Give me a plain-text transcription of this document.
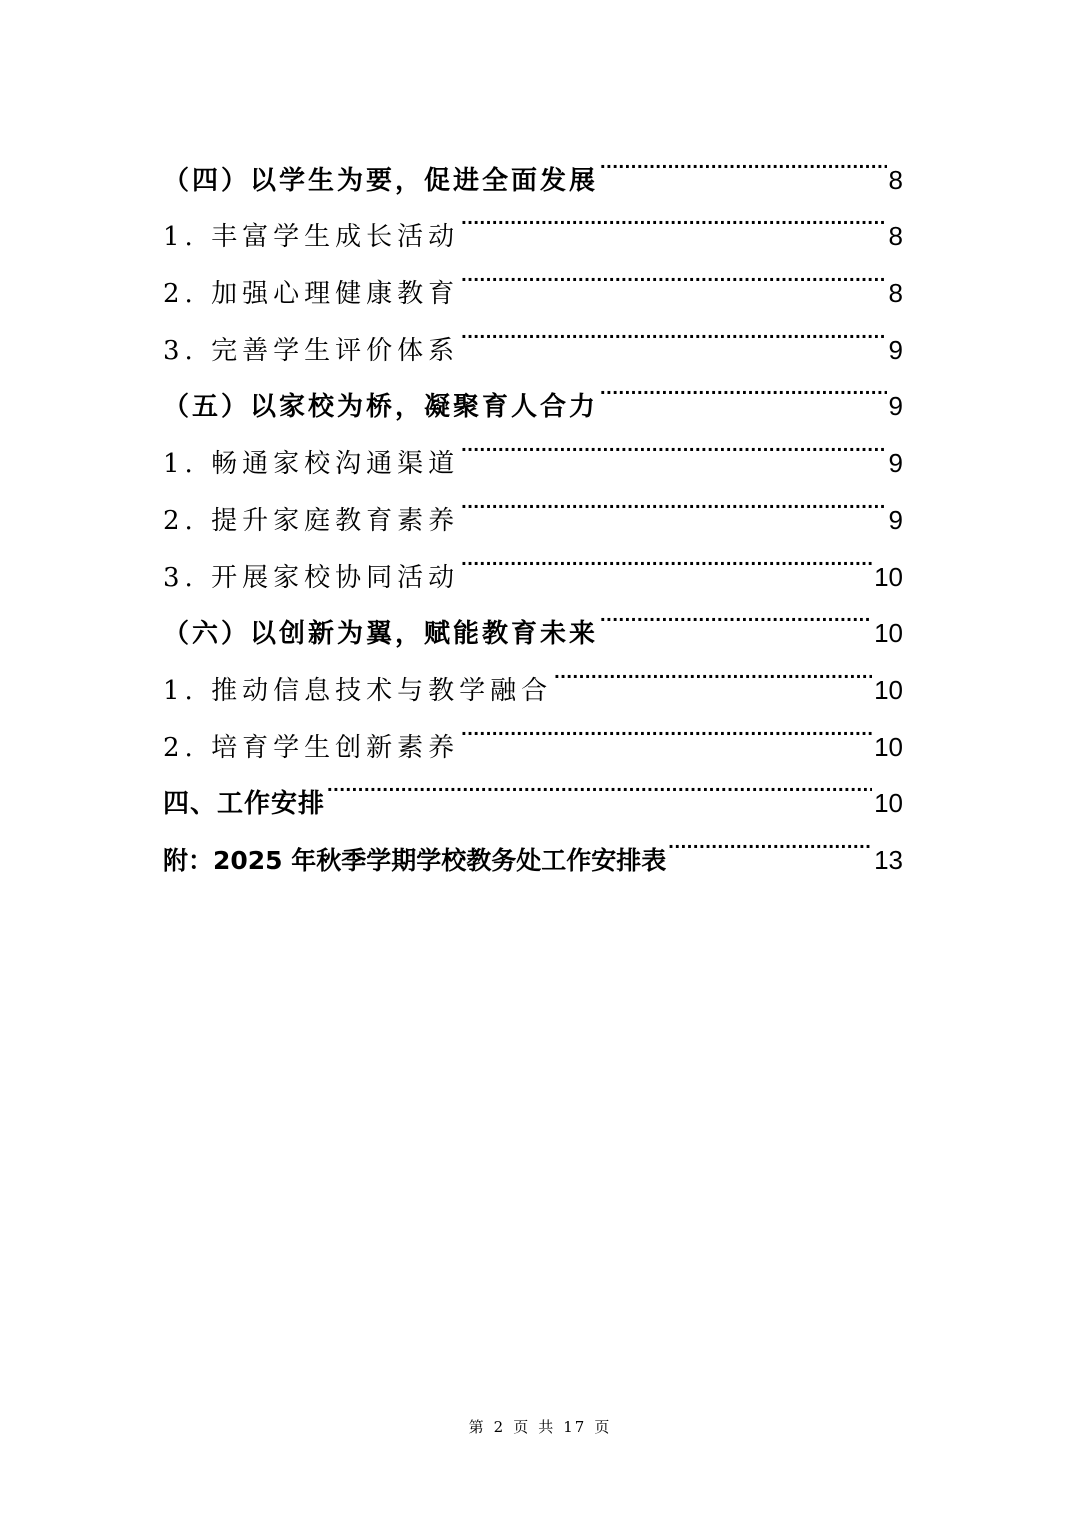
（四）以学生为要，促进全面发展 .....	8
1. 丰富学生成长活动 .....	8
2. 加强心理健康教育 .....	8
3. 完善学生评价体系 .....	9
（五）以家校为桥，凝聚育人合力 .....	9
1. 畅通家校沟通渠道 .....	9
2. 提升家庭教育素养 .....	9
3. 开展家校协同活动 .....	10
（六）以创新为翼，赋能教育未来 .....	10
1. 推动信息技术与教学融合 .....	10
2. 培育学生创新素养 .....	10
四、工作安排 .....	10
附：2025 年秋季学期学校教务处工作安排表 .....	13
第 2 页 共 17 页
